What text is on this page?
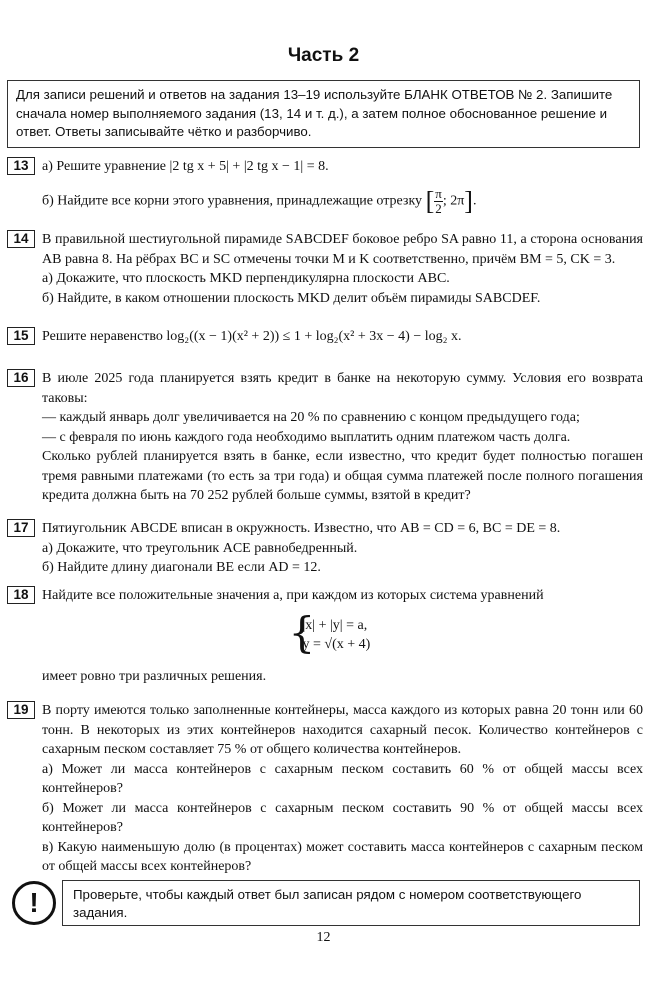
Часть 2
Для записи решений и ответов на задания 13–19 используйте БЛАНК ОТВЕТОВ № 2. Запишите сначала номер выполняемого задания (13, 14 и т. д.), а затем полное обоснованное решение и ответ. Ответы записывайте чётко и разборчиво.
13 а) Решите уравнение |2 tg x + 5| + |2 tg x − 1| = 8.

б) Найдите все корни этого уравнения, принадлежащие отрезку [ $\frac{\pi}{2}$ ; 2π].

14 В правильной шестиугольной пирамиде SABCDEF боковое ребро SA равно 11, а сторона основания AB равна 8. На рёбрах BC и SC отмечены точки M и K соответственно, причём BM = 5, CK = 3.

а) Докажите, что плоскость MKD перпендикулярна плоскости ABC.

б) Найдите, в каком отношении плоскость MKD делит объём пирамиды SABCDEF.

15 Решите неравенство log₂((x − 1)(x² + 2)) ≤ 1 + log₂(x² + 3x − 4) − log₂ x.

16 В июле 2025 года планируется взять кредит в банке на некоторую сумму. Условия его возврата таковы:

— каждый январь долг увеличивается на 20 % по сравнению с концом предыдущего года;

— с февраля по июнь каждого года необходимо выплатить одним платежом часть долга.

Сколько рублей планируется взять в банке, если известно, что кредит будет полностью погашен тремя равными платежами (то есть за три года) и общая сумма платежей после полного погашения кредита должна быть на 70 252 рублей больше суммы, взятой в кредит?

17 Пятиугольник ABCDE вписан в окружность. Известно, что AB = CD = 6, BC = DE = 8.

а) Докажите, что треугольник ACE равнобедренный.

б) Найдите длину диагонали BE если AD = 12.

18 Найдите все положительные значения a, при каждом из которых система уравнений

{
|x| + |y| = a,
y = √(x + 4)

имеет ровно три различных решения.

19 В порту имеются только заполненные контейнеры, масса каждого из которых равна 20 тонн или 60 тонн. В некоторых из этих контейнеров находится сахарный песок. Количество контейнеров с сахарным песком составляет 75 % от общего количества контейнеров.

а) Может ли масса контейнеров с сахарным песком составить 60 % от общей массы всех контейнеров?

б) Может ли масса контейнеров с сахарным песком составить 90 % от общей массы всех контейнеров?

в) Какую наименьшую долю (в процентах) может составить масса контейнеров с сахарным песком от общей массы всех контейнеров?

!	Проверьте, чтобы каждый ответ был записан рядом с номером соответствующего задания.
12
